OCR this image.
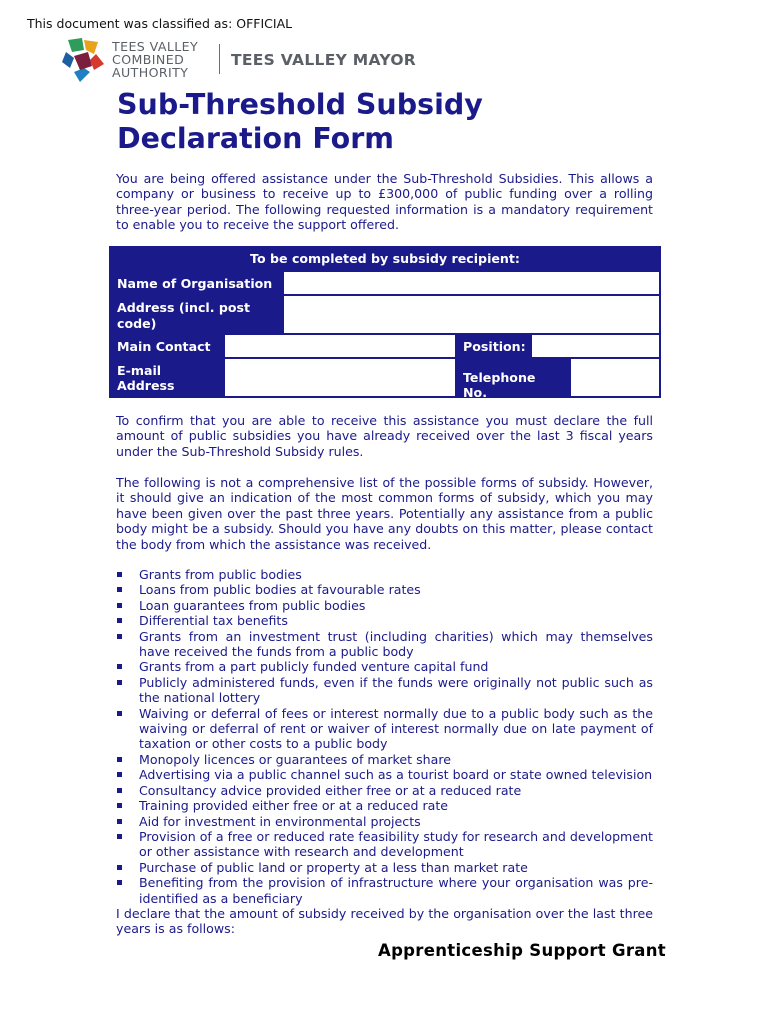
This document was classified as: OFFICIAL
TEES VALLEY
COMBINED
AUTHORITY
TEES VALLEY MAYOR
Sub-Threshold Subsidy Declaration Form

You are being offered assistance under the Sub-Threshold Subsidies. This allows a company or business to receive up to £300,000 of public funding over a rolling three-year period. The following requested information is a mandatory requirement to enable you to receive the support offered.

To be completed by subsidy recipient:
Name of Organisation
Address (incl. post code)
Main Contact	Position:
E-mail Address
Telephone No.

To confirm that you are able to receive this assistance you must declare the full amount of public subsidies you have already received over the last 3 fiscal years under the Sub-Threshold Subsidy rules.

The following is not a comprehensive list of the possible forms of subsidy. However, it should give an indication of the most common forms of subsidy, which you may have been given over the past three years. Potentially any assistance from a public body might be a subsidy. Should you have any doubts on this matter, please contact the body from which the assistance was received.

Grants from public bodies
Loans from public bodies at favourable rates
Loan guarantees from public bodies
Differential tax benefits
Grants from an investment trust (including charities) which may themselves have received the funds from a public body
Grants from a part publicly funded venture capital fund
Publicly administered funds, even if the funds were originally not public such as the national lottery
Waiving or deferral of fees or interest normally due to a public body such as the waiving or deferral of rent or waiver of interest normally due on late payment of taxation or other costs to a public body
Monopoly licences or guarantees of market share
Advertising via a public channel such as a tourist board or state owned television
Consultancy advice provided either free or at a reduced rate
Training provided either free or at a reduced rate
Aid for investment in environmental projects
Provision of a free or reduced rate feasibility study for research and development or other assistance with research and development
Purchase of public land or property at a less than market rate
Benefiting from the provision of infrastructure where your organisation was pre-identified as a beneficiary

I declare that the amount of subsidy received by the organisation over the last three years is as follows:

Apprenticeship Support Grant
